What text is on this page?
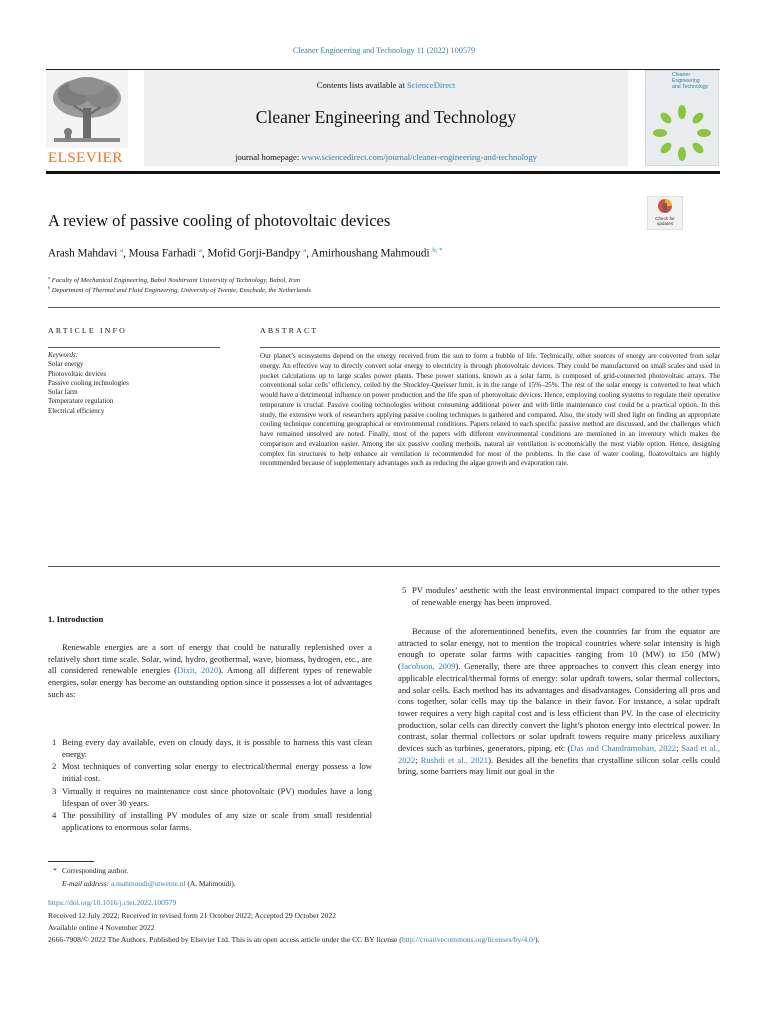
Cleaner Engineering and Technology 11 (2022) 100579
ELSEVIER
Contents lists available at ScienceDirect
Cleaner Engineering and Technology
journal homepage: www.sciencedirect.com/journal/cleaner-engineering-and-technology
Cleaner
Engineering
and Technology
A review of passive cooling of photovoltaic devices	Check for
updates
Arash Mahdavi $^a$, Mousa Farhadi $^a$, Mofid Gorji-Bandpy $^a$, Amirhoushang Mahmoudi $^{b, *}$
$^a$ Faculty of Mechanical Engineering, Babol Noshirvani University of Technology, Babol, Iran
$^b$ Department of Thermal and Fluid Engineering, University of Twente, Enschede, the Netherlands
ARTICLE INFO	ABSTRACT
Keywords:
Solar energy
Photovoltaic devices
Passive cooling technologies
Solar farm
Temperature regulation
Electrical efficiency
Our planet’s ecosystems depend on the energy received from the sun to form a bubble of life. Technically, other sources of energy are converted from solar energy. An effective way to directly convert solar energy to electricity is through photovoltaic devices. They could be manufactured on small scales and used in pocket calculations up to large scales power plants. These power stations, known as a solar farm, is composed of grid-connected photovoltaic arrays. The conventional solar cells’ efficiency, ceiled by the Shockley-Queisser limit, is in the range of 15%–25%. The rest of the solar energy is converted to heat which would have a detrimental influence on power production and the life span of photovoltaic devices. Hence, employing cooling systems to regulate their operative temperature is crucial. Passive cooling technologies without consuming additional power and with little maintenance cost could be a practical option. In this study, the extensive work of researchers applying passive cooling techniques is gathered and compared. Also, the study will shed light on finding an appropriate cooling technique concerning geographical or environmental conditions. Papers related to each specific passive method are discussed, and the challenges which have remained unsolved are noted. Finally, most of the papers with different environmental conditions are mentioned in an inventory which makes the comparison and evaluation easier. Among the six passive cooling methods, natural air ventilation is economically the most viable option. Hence, designing complex fin structures to help enhance air ventilation is recommended for most of the problems. In the case of water cooling, floatovoltaics are highly recommended because of supplementary advantages such as reducing the algae growth and evaporation rate.
1. Introduction
Renewable energies are a sort of energy that could be naturally replenished over a relatively short time scale. Solar, wind, hydro, geothermal, wave, biomass, hydrogen, etc., are all considered renewable energies (Dixit, 2020). Among all different types of renewable energies, solar energy has become an outstanding option since it possesses a lot of advantages such as:
1 Being every day available, even on cloudy days, it is possible to harness this vast clean energy.
2 Most techniques of converting solar energy to electrical/thermal energy possess a low initial cost.
3 Virtually it requires no maintenance cost since photovoltaic (PV) modules have a long lifespan of over 30 years.
4 The possibility of installing PV modules of any size or scale from small residential applications to enormous solar farms.
5 PV modules’ aesthetic with the least environmental impact compared to the other types of renewable energy has been improved.
Because of the aforementioned benefits, even the countries far from the equator are attracted to solar energy, not to mention the tropical countries where solar intensity is high enough to operate solar farms with capacities ranging from 10 (MW) to 150 (MW) (Jacobson, 2009). Generally, there are three approaches to convert this clean energy into applicable electrical/thermal forms of energy: solar updraft towers, solar thermal collectors, and solar cells. Each method has its advantages and disadvantages. Considering all pros and cons together, solar cells may tip the balance in their favor. For instance, a solar updraft tower requires a very high capital cost and is less efficient than PV. In the case of electricity production, solar cells can directly convert the light’s photon energy into electrical power. In contrast, solar thermal collectors or solar updraft towers require many priceless auxiliary devices such as turbines, generators, piping, etc (Das and Chandramohan, 2022; Saad et al., 2022; Rushdi et al., 2021). Besides all the benefits that crystalline silicon solar cells could bring, some barriers may limit our goal in the
* Corresponding author.
E-mail address: a.mahmoudi@utwente.nl (A. Mahmoudi).
https://doi.org/10.1016/j.clet.2022.100579
Received 12 July 2022; Received in revised form 21 October 2022; Accepted 29 October 2022
Available online 4 November 2022
2666-7908/© 2022 The Authors. Published by Elsevier Ltd. This is an open access article under the CC BY license (http://creativecommons.org/licenses/by/4.0/).
